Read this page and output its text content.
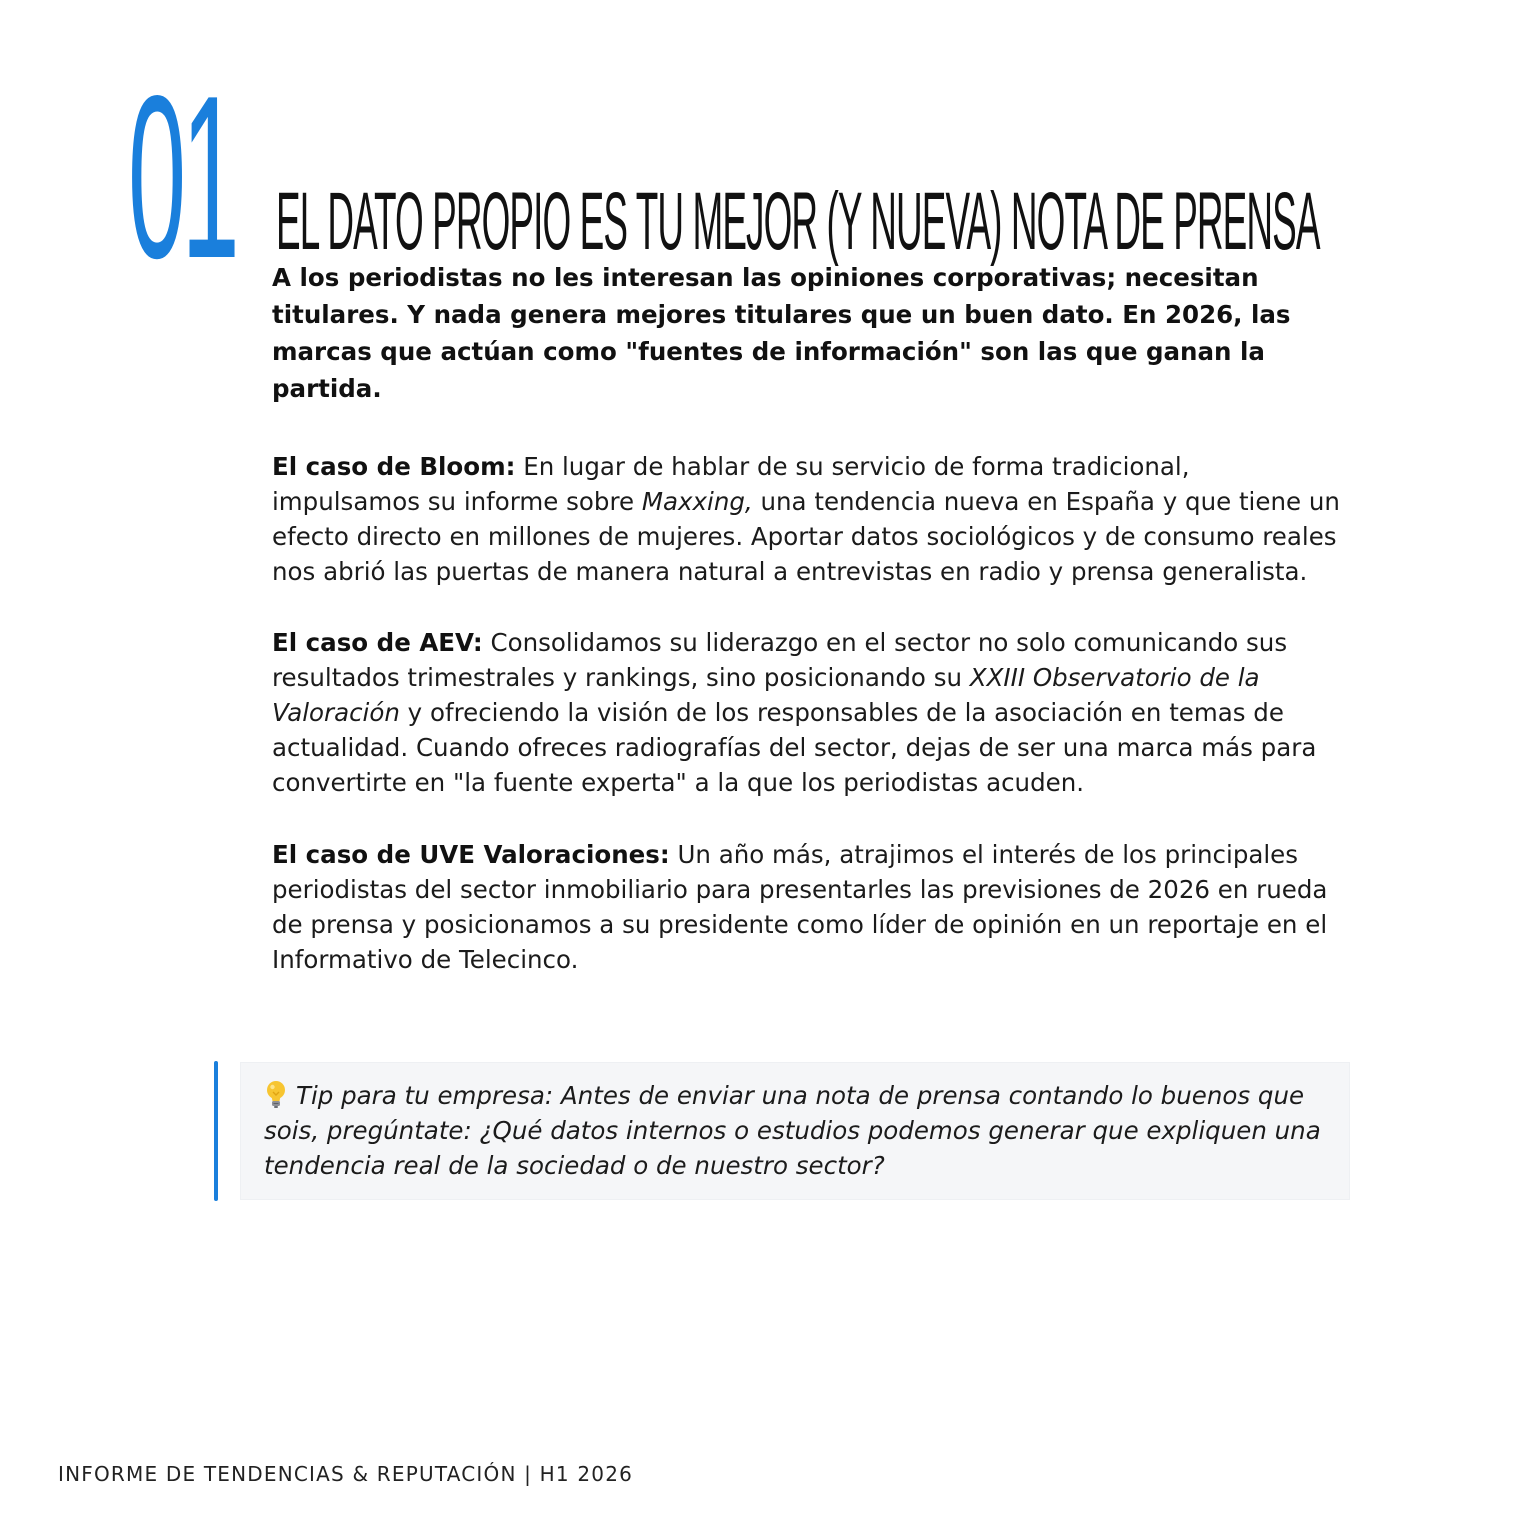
01 EL DATO PROPIO ES TU MEJOR (Y NUEVA) NOTA DE PRENSA

A los periodistas no les interesan las opiniones corporativas; necesitan titulares. Y nada genera mejores titulares que un buen dato. En 2026, las marcas que actúan como "fuentes de información" son las que ganan la partida.

El caso de Bloom: En lugar de hablar de su servicio de forma tradicional, impulsamos su informe sobre Maxxing, una tendencia nueva en España y que tiene un efecto directo en millones de mujeres. Aportar datos sociológicos y de consumo reales nos abrió las puertas de manera natural a entrevistas en radio y prensa generalista.

El caso de AEV: Consolidamos su liderazgo en el sector no solo comunicando sus resultados trimestrales y rankings, sino posicionando su XXIII Observatorio de la Valoración y ofreciendo la visión de los responsables de la asociación en temas de actualidad. Cuando ofreces radiografías del sector, dejas de ser una marca más para convertirte en "la fuente experta" a la que los periodistas acuden.

El caso de UVE Valoraciones: Un año más, atrajimos el interés de los principales periodistas del sector inmobiliario para presentarles las previsiones de 2026 en rueda de prensa y posicionamos a su presidente como líder de opinión en un reportaje en el Informativo de Telecinco.

Tip para tu empresa: Antes de enviar una nota de prensa contando lo buenos que sois, pregúntate: ¿Qué datos internos o estudios podemos generar que expliquen una tendencia real de la sociedad o de nuestro sector?

INFORME DE TENDENCIAS & REPUTACIÓN | H1 2026
